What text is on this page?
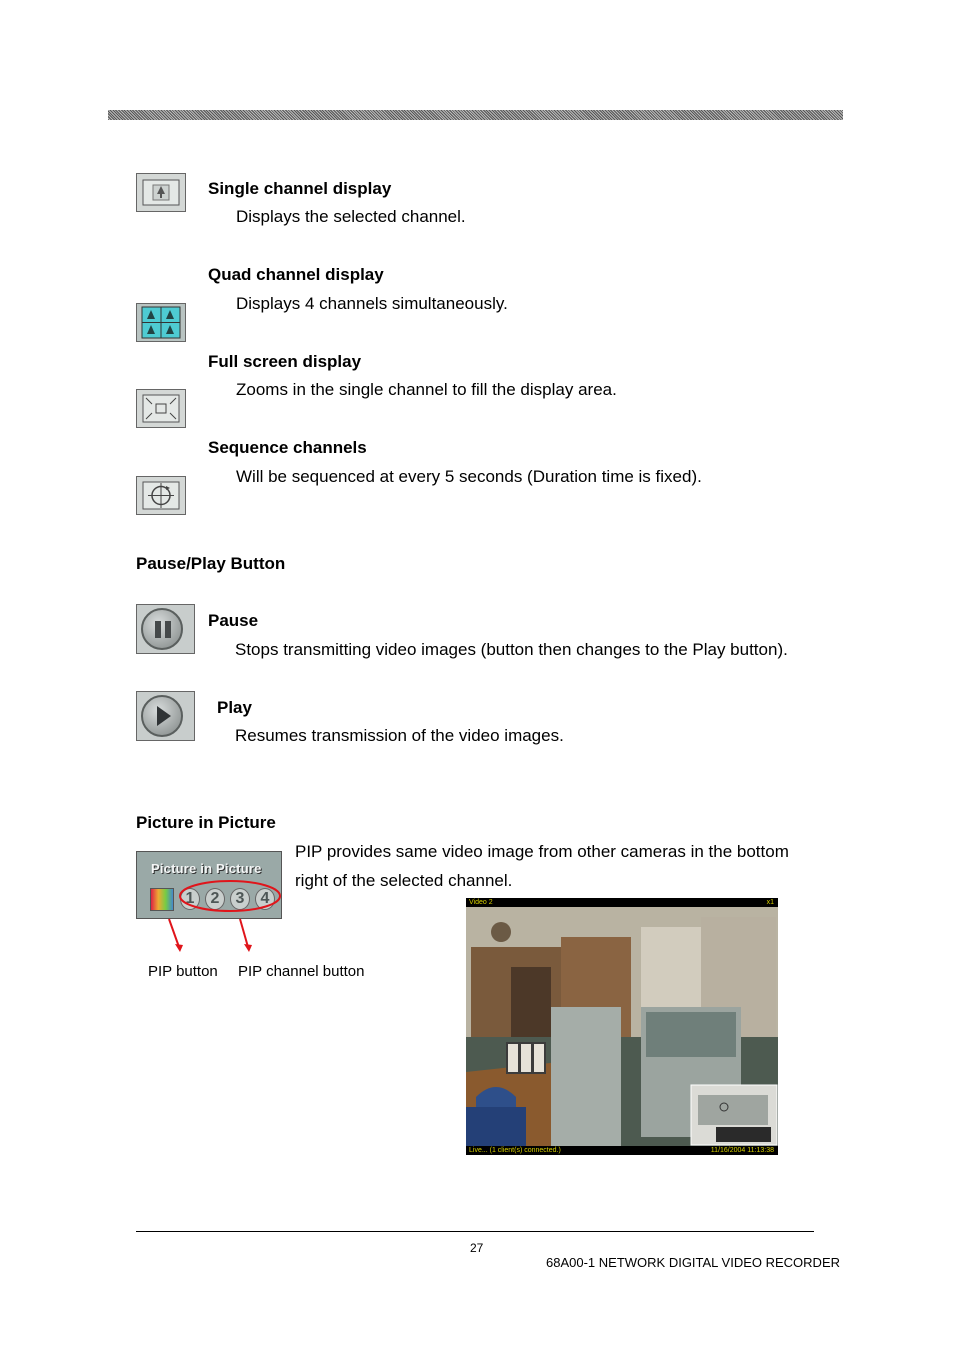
Single channel display
Displays the selected channel.
Quad channel display
Displays 4 channels simultaneously.
Full screen display
Zooms in the single channel to fill the display area.
Sequence channels
Will be sequenced at every 5 seconds (Duration time is fixed).
Pause/Play Button
Pause
Stops transmitting video images (button then changes to the Play button).
Play
Resumes transmission of the video images.
Picture in Picture
PIP provides same video image from other cameras in the bottom
right of the selected channel.
Picture in Picture
1	2	3	4
PIP button PIP channel button
Video 2	x1
Live... (1 client(s) connected.)	11/16/2004 11:13:38
27
68A00-1 NETWORK DIGITAL VIDEO RECORDER
